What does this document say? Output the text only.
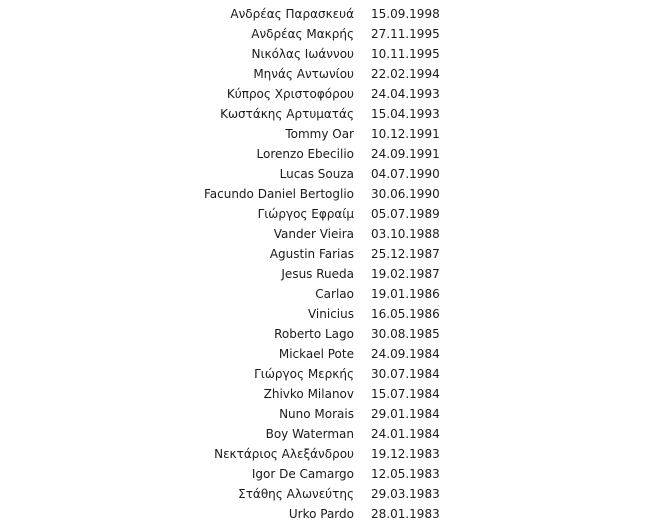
Ανδρέας Παρασκευά 15.09.1998
Ανδρέας Μακρής 27.11.1995
Νικόλας Ιωάννου 10.11.1995
Μηνάς Αντωνίου 22.02.1994
Κύπρος Χριστοφόρου 24.04.1993
Κωστάκης Αρτυματάς 15.04.1993
Tommy Oar 10.12.1991
Lorenzo Ebecilio 24.09.1991
Lucas Souza 04.07.1990
Facundo Daniel Bertoglio 30.06.1990
Γιώργος Εφραίμ 05.07.1989
Vander Vieira 03.10.1988
Agustin Farias 25.12.1987
Jesus Rueda 19.02.1987
Carlao 19.01.1986
Vinicius 16.05.1986
Roberto Lago 30.08.1985
Mickael Pote 24.09.1984
Γιώργος Μερκής 30.07.1984
Zhivko Milanov 15.07.1984
Nuno Morais 29.01.1984
Boy Waterman 24.01.1984
Νεκτάριος Αλεξάνδρου 19.12.1983
Igor De Camargo 12.05.1983
Στάθης Αλωνεύτης 29.03.1983
Urko Pardo 28.01.1983
